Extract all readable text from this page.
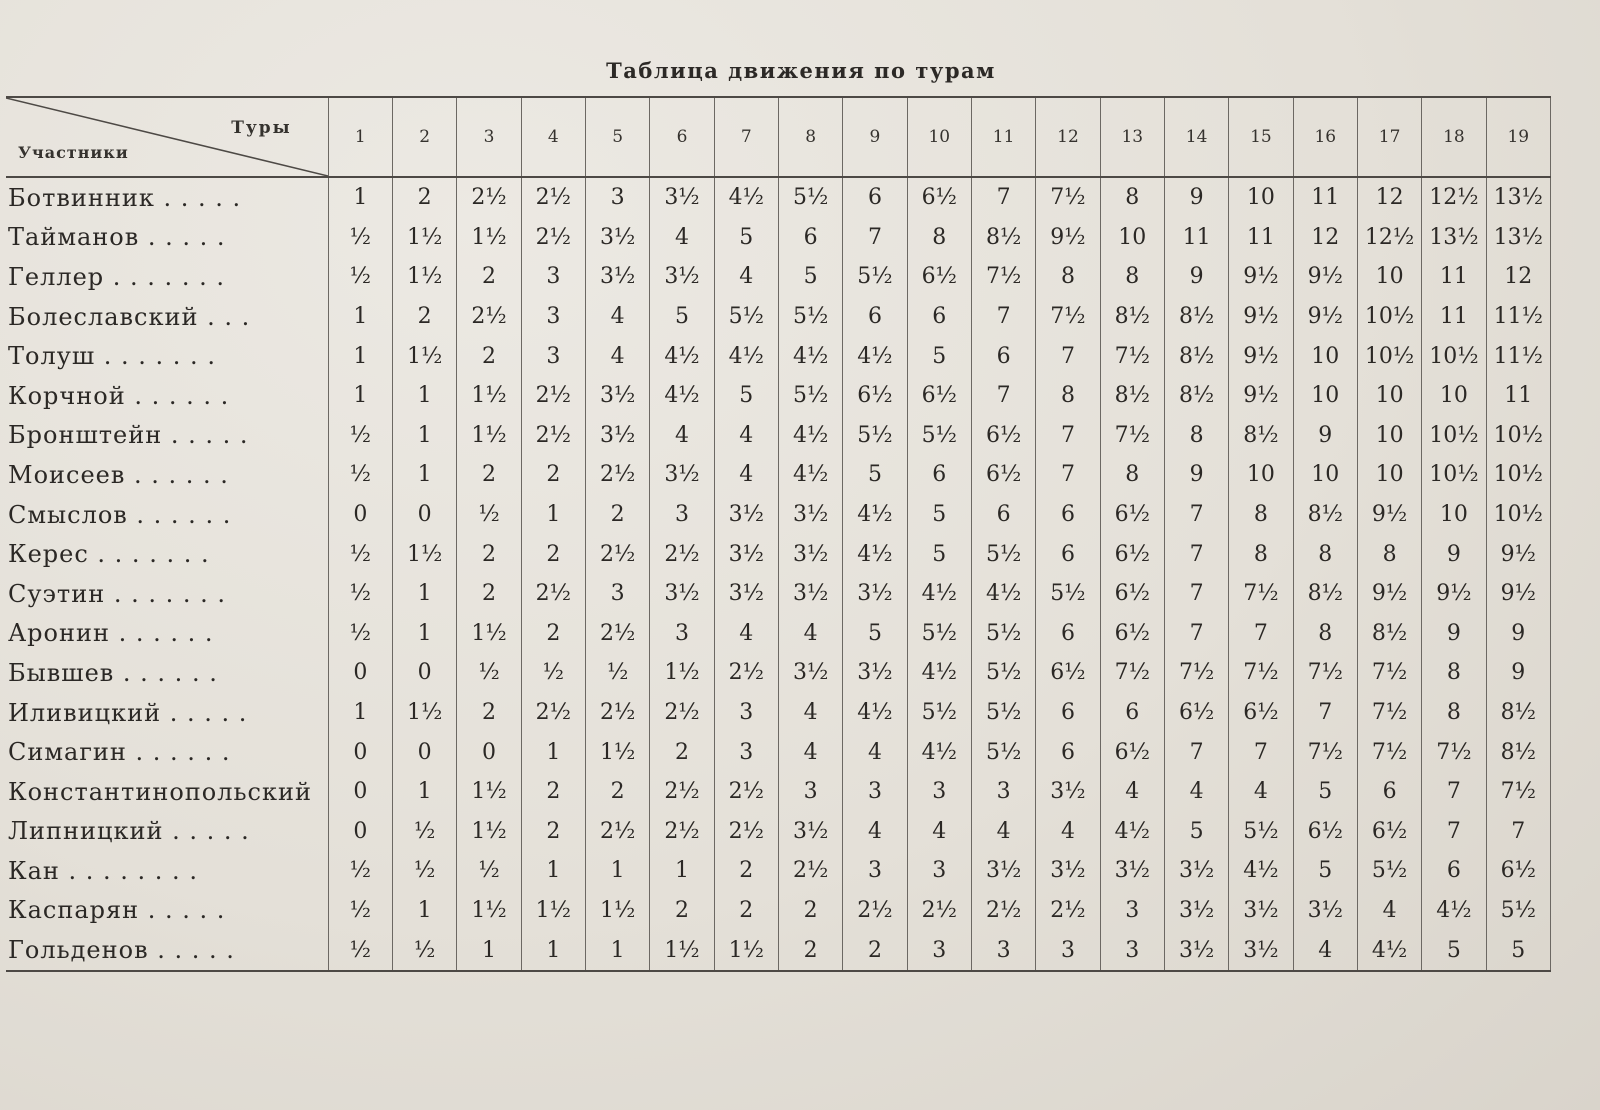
Таблица движения по турам
Туры
Участники	1	2	3	4	5	6	7	8	9	10	11	12	13	14	15	16	17	18	19
Ботвинник . . . . .	1	2	2½	2½	3	3½	4½	5½	6	6½	7	7½	8	9	10	11	12	12½	13½
Тайманов . . . . .	½	1½	1½	2½	3½	4	5	6	7	8	8½	9½	10	11	11	12	12½	13½	13½
Геллер . . . . . . .	½	1½	2	3	3½	3½	4	5	5½	6½	7½	8	8	9	9½	9½	10	11	12
Болеславский . . .	1	2	2½	3	4	5	5½	5½	6	6	7	7½	8½	8½	9½	9½	10½	11	11½
Толуш . . . . . . .	1	1½	2	3	4	4½	4½	4½	4½	5	6	7	7½	8½	9½	10	10½	10½	11½
Корчной . . . . . .	1	1	1½	2½	3½	4½	5	5½	6½	6½	7	8	8½	8½	9½	10	10	10	11
Бронштейн . . . . .	½	1	1½	2½	3½	4	4	4½	5½	5½	6½	7	7½	8	8½	9	10	10½	10½
Моисеев . . . . . .	½	1	2	2	2½	3½	4	4½	5	6	6½	7	8	9	10	10	10	10½	10½
Смыслов . . . . . .	0	0	½	1	2	3	3½	3½	4½	5	6	6	6½	7	8	8½	9½	10	10½
Керес . . . . . . .	½	1½	2	2	2½	2½	3½	3½	4½	5	5½	6	6½	7	8	8	8	9	9½
Суэтин . . . . . . .	½	1	2	2½	3	3½	3½	3½	3½	4½	4½	5½	6½	7	7½	8½	9½	9½	9½
Аронин . . . . . .	½	1	1½	2	2½	3	4	4	5	5½	5½	6	6½	7	7	8	8½	9	9
Бывшев . . . . . .	0	0	½	½	½	1½	2½	3½	3½	4½	5½	6½	7½	7½	7½	7½	7½	8	9
Иливицкий . . . . .	1	1½	2	2½	2½	2½	3	4	4½	5½	5½	6	6	6½	6½	7	7½	8	8½
Симагин . . . . . .	0	0	0	1	1½	2	3	4	4	4½	5½	6	6½	7	7	7½	7½	7½	8½
Константинопольский	0	1	1½	2	2	2½	2½	3	3	3	3	3½	4	4	4	5	6	7	7½
Липницкий . . . . .	0	½	1½	2	2½	2½	2½	3½	4	4	4	4	4½	5	5½	6½	6½	7	7
Кан . . . . . . . .	½	½	½	1	1	1	2	2½	3	3	3½	3½	3½	3½	4½	5	5½	6	6½
Каспарян . . . . .	½	1	1½	1½	1½	2	2	2	2½	2½	2½	2½	3	3½	3½	3½	4	4½	5½
Гольденов . . . . .	½	½	1	1	1	1½	1½	2	2	3	3	3	3	3½	3½	4	4½	5	5
